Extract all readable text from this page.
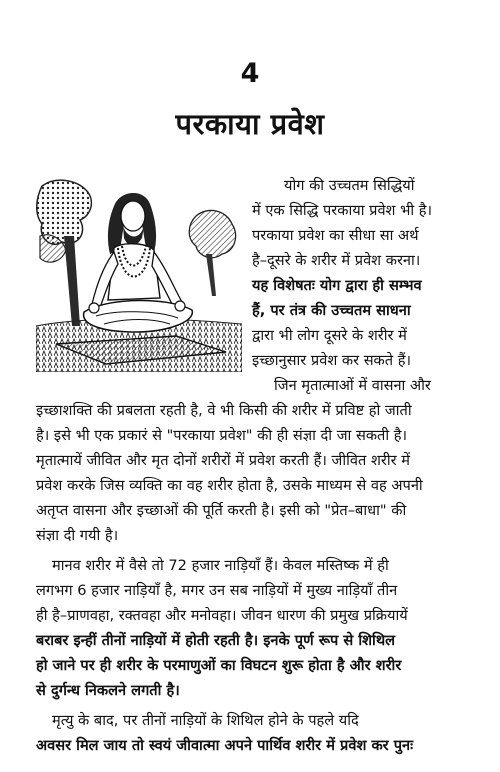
4
परकाया प्रवेश
योग की उच्चतम सिद्धियों
में एक सिद्धि परकाया प्रवेश भी है।
परकाया प्रवेश का सीधा सा अर्थ
है–दूसरे के शरीर में प्रवेश करना।
यह विशेषतः योग द्वारा ही सम्भव
हैं, पर तंत्र की उच्चतम साधना
द्वारा भी लोग दूसरे के शरीर में
इच्छानुसार प्रवेश कर सकते हैं।
जिन मृतात्माओं में वासना और
इच्छाशक्ति की प्रबलता रहती है, वे भी किसी की शरीर में प्रविष्ट हो जाती
है। इसे भी एक प्रकारं से "परकाया प्रवेश" की ही संज्ञा दी जा सकती है।
मृतात्मायें जीवित और मृत दोनों शरीरों में प्रवेश करती हैं। जीवित शरीर में
प्रवेश करके जिस व्यक्ति का वह शरीर होता है, उसके माध्यम से वह अपनी
अतृप्त वासना और इच्छाओं की पूर्ति करती है। इसी को "प्रेत–बाधा" की
संज्ञा दी गयी है।
मानव शरीर में वैसे तो 72 हजार नाड़ियाँ हैं। केवल मस्तिष्क में ही
लगभग 6 हजार नाड़ियाँ है, मगर उन सब नाड़ियों में मुख्य नाड़ियाँ तीन
ही है–प्राणवहा, रक्तवहा और मनोवहा। जीवन धारण की प्रमुख प्रक्रियायें
बराबर इन्हीं तीनों नाड़ियों में होती रहती है। इनके पूर्ण रूप से शिथिल
हो जाने पर ही शरीर के परमाणुओं का विघटन शुरू होता है और शरीर
से दुर्गन्ध निकलने लगती है।
मृत्यु के बाद, पर तीनों नाड़ियों के शिथिल होने के पहले यदि
अवसर मिल जाय तो स्वयं जीवात्मा अपने पार्थिव शरीर में प्रवेश कर पुनः
